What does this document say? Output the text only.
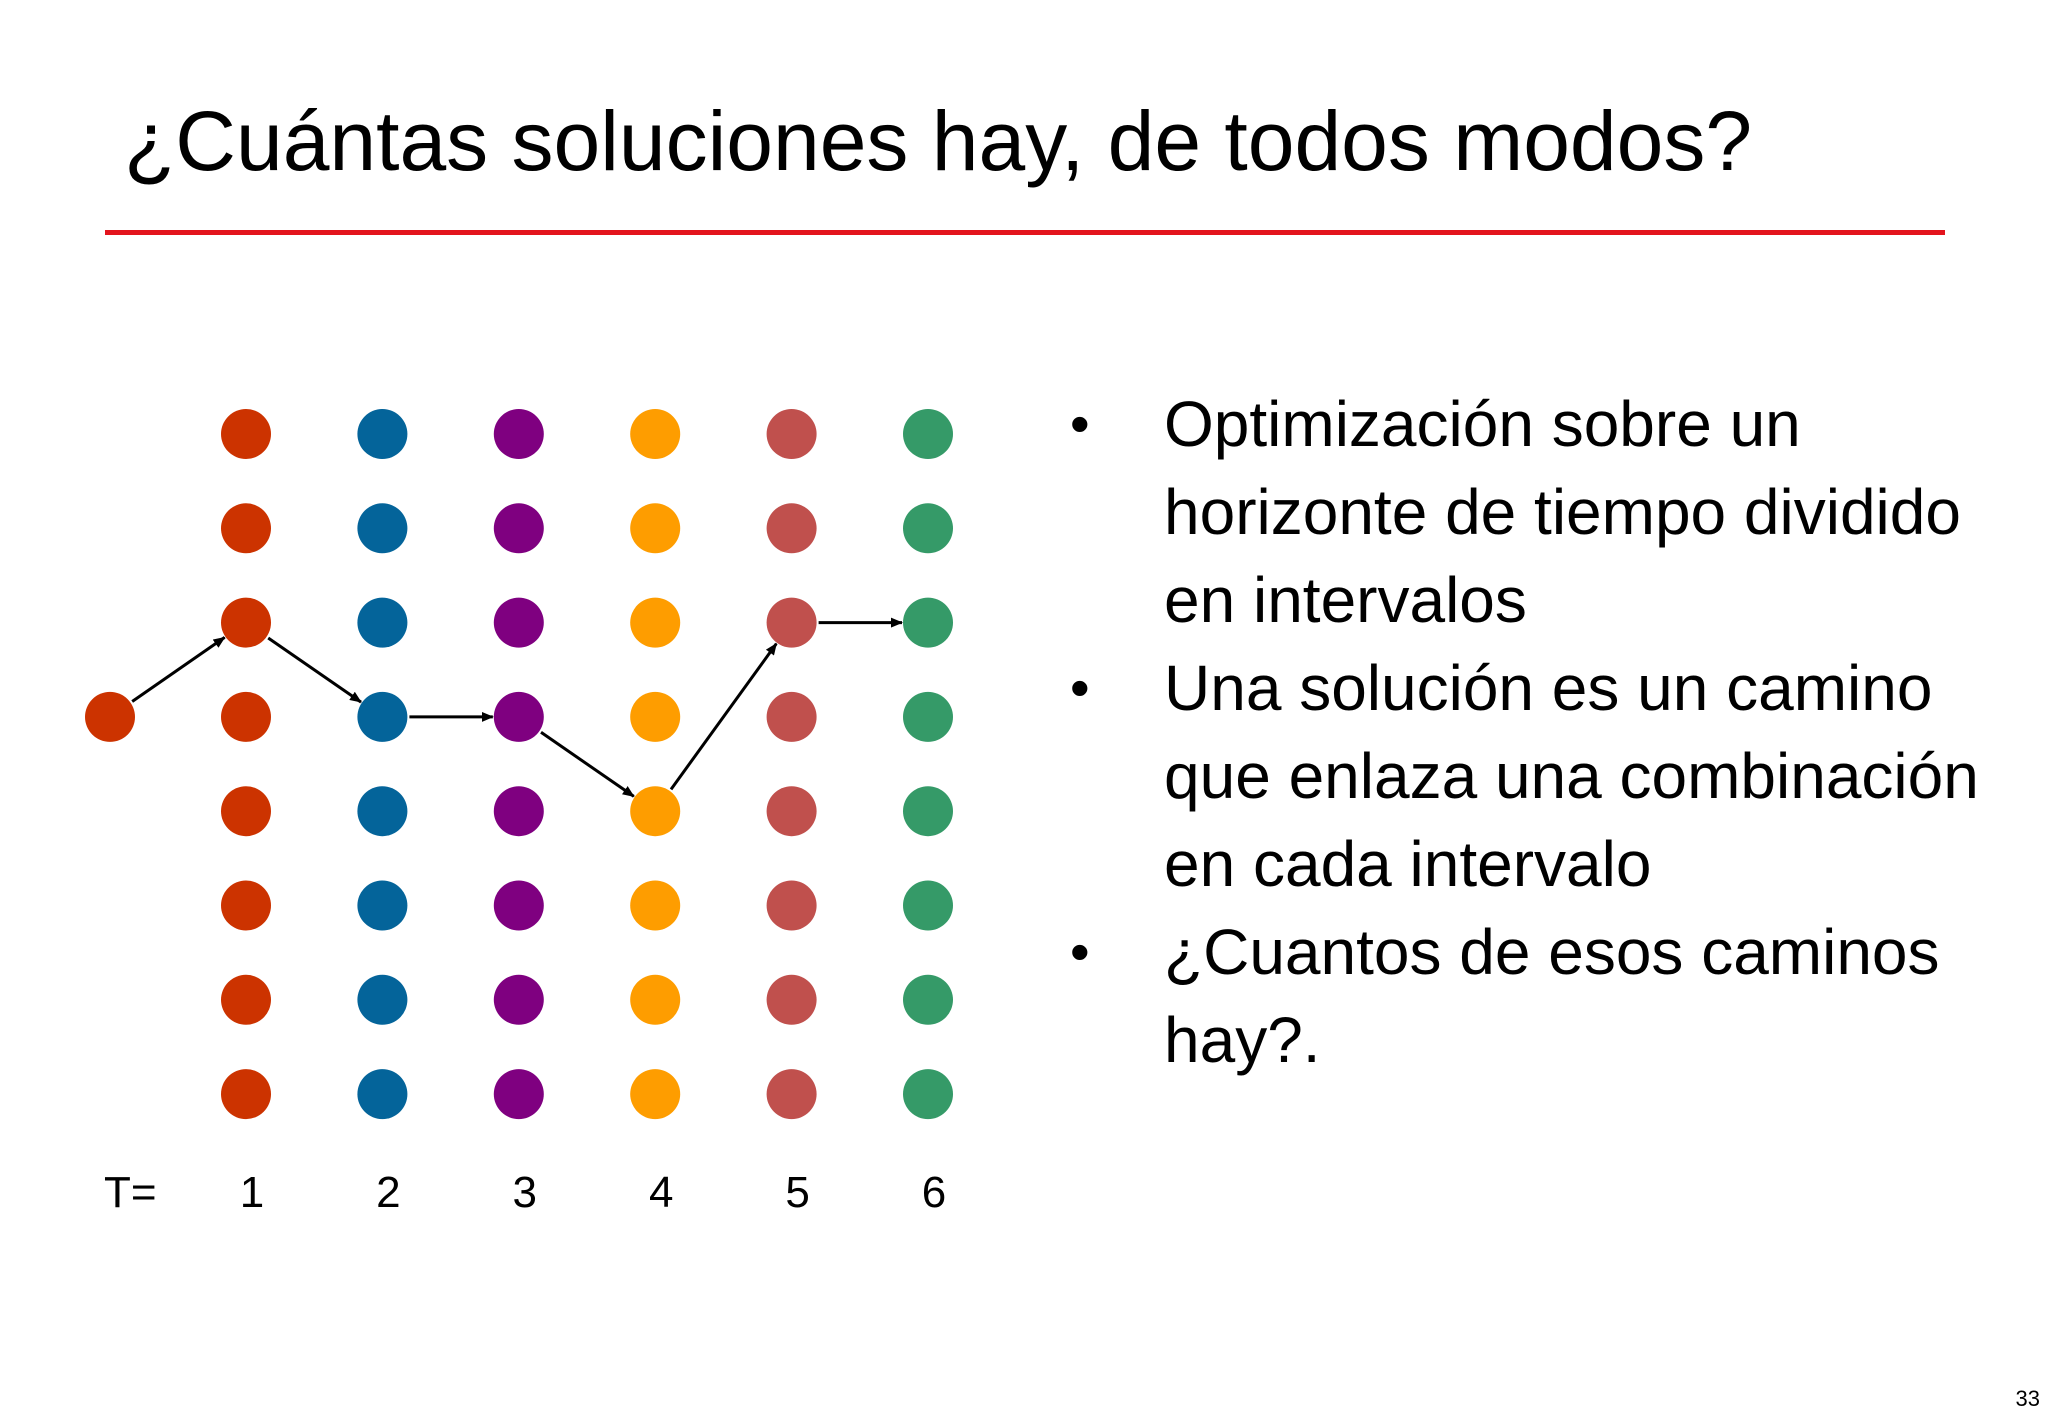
¿Cuántas soluciones hay, de todos modos?
1	2	3	4	5	6
T=
• Optimización sobre un horizonte de tiempo dividido en intervalos
• Una solución es un camino que enlaza una combinación en cada intervalo
• ¿Cuantos de esos caminos hay?.
33
